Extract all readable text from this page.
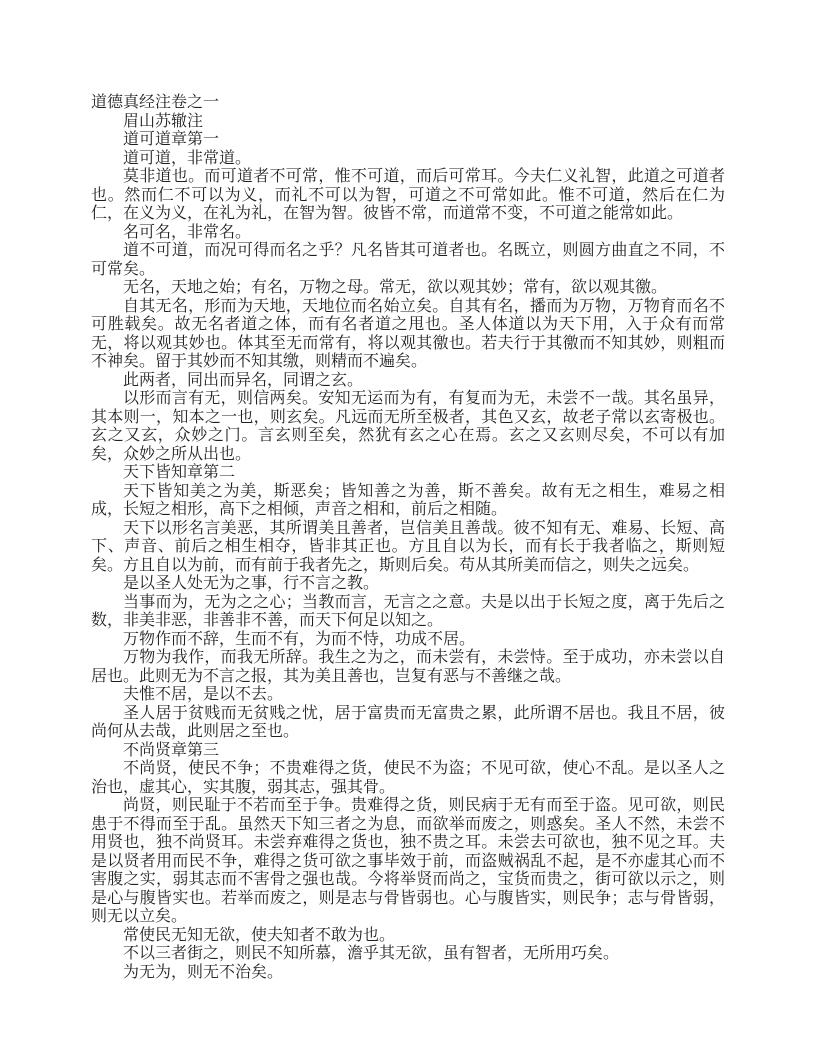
道德真经注卷之一

眉山苏辙注

道可道章第一

道可道，非常道。

莫非道也。而可道者不可常，惟不可道，而后可常耳。今夫仁义礼智，此道之可道者也。然而仁不可以为义，而礼不可以为智，可道之不可常如此。惟不可道，然后在仁为仁，在义为义，在礼为礼，在智为智。彼皆不常，而道常不变，不可道之能常如此。

名可名，非常名。

道不可道，而况可得而名之乎？凡名皆其可道者也。名既立，则圆方曲直之不同，不可常矣。

无名，天地之始；有名，万物之母。常无，欲以观其妙；常有，欲以观其徼。

自其无名，形而为天地，天地位而名始立矣。自其有名，播而为万物，万物育而名不可胜载矣。故无名者道之体，而有名者道之甩也。圣人体道以为天下用，入于众有而常无，将以观其妙也。体其至无而常有，将以观其徼也。若夫行于其徼而不知其妙，则粗而不神矣。留于其妙而不知其缴，则精而不遍矣。

此两者，同出而异名，同谓之玄。

以形而言有无，则信两矣。安知无运而为有，有复而为无，未尝不一哉。其名虽异，其本则一，知本之一也，则玄矣。凡远而无所至极者，其色又玄，故老子常以玄寄极也。玄之又玄，众妙之门。言玄则至矣，然犹有玄之心在焉。玄之又玄则尽矣，不可以有加矣，众妙之所从出也。

天下皆知章第二

天下皆知美之为美，斯恶矣；皆知善之为善，斯不善矣。故有无之相生，难易之相成，长短之相形，高下之相倾，声音之相和，前后之相随。

天下以形名言美恶，其所谓美且善者，岂信美且善哉。彼不知有无、难易、长短、高下、声音、前后之相生相夺，皆非其正也。方且自以为长，而有长于我者临之，斯则短矣。方且自以为前，而有前于我者先之，斯则后矣。苟从其所美而信之，则失之远矣。

是以圣人处无为之事，行不言之教。

当事而为，无为之之心；当教而言，无言之之意。夫是以出于长短之度，离于先后之数，非美非恶，非善非不善，而天下何足以知之。

万物作而不辞，生而不有，为而不恃，功成不居。

万物为我作，而我无所辞。我生之为之，而未尝有，未尝恃。至于成功，亦未尝以自居也。此则无为不言之报，其为美且善也，岂复有恶与不善继之哉。

夫惟不居，是以不去。

圣人居于贫贱而无贫贱之忧，居于富贵而无富贵之累，此所谓不居也。我且不居，彼尚何从去哉，此则居之至也。

不尚贤章第三

不尚贤，使民不争；不贵难得之货，使民不为盗；不见可欲，使心不乱。是以圣人之治也，虚其心，实其腹，弱其志，强其骨。

尚贤，则民耻于不若而至于争。贵难得之货，则民病于无有而至于盗。见可欲，则民患于不得而至于乱。虽然天下知三者之为息，而欲举而废之，则惑矣。圣人不然，未尝不用贤也，独不尚贤耳。未尝弃难得之货也，独不贵之耳。未尝去可欲也，独不见之耳。夫是以贤者用而民不争，难得之货可欲之事毕效于前，而盗贼祸乱不起，是不亦虚其心而不害腹之实，弱其志而不害骨之强也哉。今将举贤而尚之，宝货而贵之，街可欲以示之，则是心与腹皆实也。若举而废之，则是志与骨皆弱也。心与腹皆实，则民争；志与骨皆弱，则无以立矣。

常使民无知无欲，使夫知者不敢为也。

不以三者街之，则民不知所慕，澹乎其无欲，虽有智者，无所用巧矣。

为无为，则无不治矣。
